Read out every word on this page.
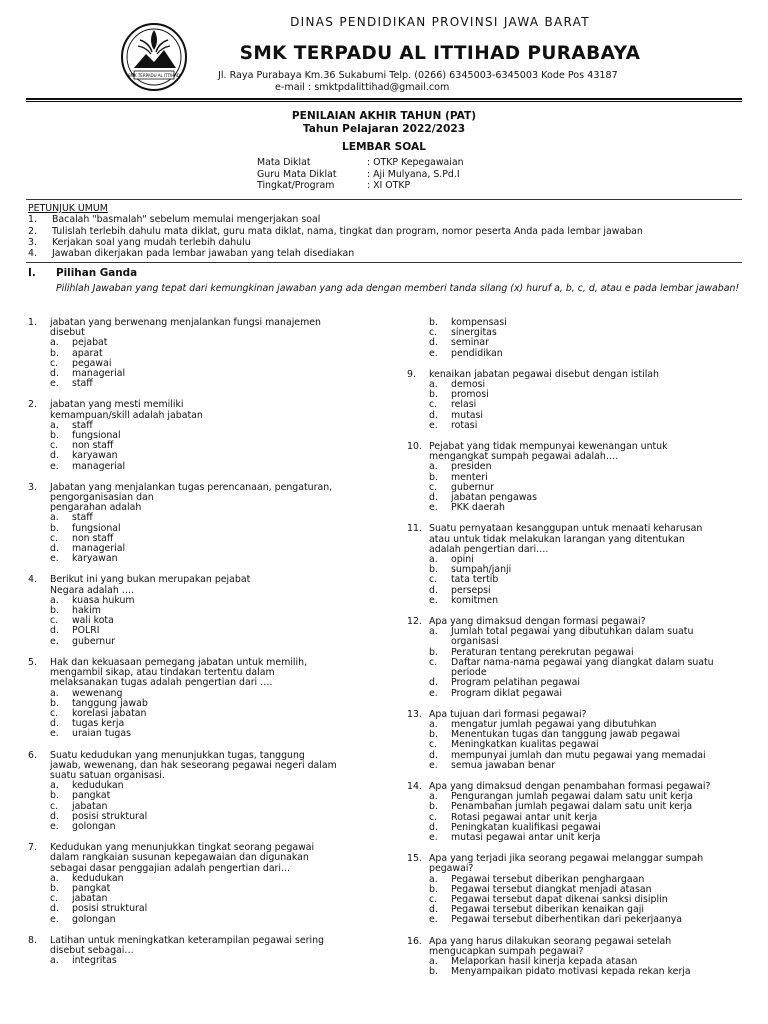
SMK TERPADU AL ITTIHAD
DINAS PENDIDIKAN PROVINSI JAWA BARAT
SMK TERPADU AL ITTIHAD PURABAYA
Jl. Raya Purabaya Km.36 Sukabumi Telp. (0266) 6345003-6345003 Kode Pos 43187
e-mail : smktpdalittihad@gmail.com
PENILAIAN AKHIR TAHUN (PAT)
Tahun Pelajaran 2022/2023
LEMBAR SOAL
Mata Diklat	: OTKP Kepegawaian
Guru Mata Diklat	: Aji Mulyana, S.Pd.I
Tingkat/Program	: XI OTKP
PETUNJUK UMUM
1.	Bacalah "basmalah" sebelum memulai mengerjakan soal
2.	Tulislah terlebih dahulu mata diklat, guru mata diklat, nama, tingkat dan program, nomor peserta Anda pada lembar jawaban
3.	Kerjakan soal yang mudah terlebih dahulu
4.	Jawaban dikerjakan pada lembar jawaban yang telah disediakan
I. Pilihan Ganda
Pilihlah Jawaban yang tepat dari kemungkinan jawaban yang ada dengan memberi tanda silang (x) huruf a, b, c, d, atau e pada lembar jawaban!
1.	jabatan yang berwenang menjalankan fungsi manajemen
disebut
a.	pejabat
b.	aparat
c.	pegawai
d.	managerial
e.	staff
2.	jabatan yang mesti memiliki
kemampuan/skill adalah jabatan
a.	staff
b.	fungsional
c.	non staff
d.	karyawan
e.	managerial
3.	Jabatan yang menjalankan tugas perencanaan, pengaturan,
pengorganisasian dan
pengarahan adalah
a.	staff
b.	fungsional
c.	non staff
d.	managerial
e.	karyawan
4.	Berikut ini yang bukan merupakan pejabat
Negara adalah ….
a.	kuasa hukum
b.	hakim
c.	wali kota
d.	POLRI
e.	gubernur
5.	Hak dan kekuasaan pemegang jabatan untuk memilih,
mengambil sikap, atau tindakan tertentu dalam
melaksanakan tugas adalah pengertian dari ….
a.	wewenang
b.	tanggung jawab
c.	korelasi jabatan
d.	tugas kerja
e.	uraian tugas
6.	Suatu kedudukan yang menunjukkan tugas, tanggung
jawab, wewenang, dan hak seseorang pegawai negeri dalam
suatu satuan organisasi.
a.	kedudukan
b.	pangkat
c.	jabatan
d.	posisi struktural
e.	golongan
7.	Kedudukan yang menunjukkan tingkat seorang pegawai
dalam rangkaian susunan kepegawaian dan digunakan
sebagai dasar penggajian adalah pengertian dari...
a.	kedudukan
b.	pangkat
c.	jabatan
d.	posisi struktural
e.	golongan
8.	Latihan untuk meningkatkan keterampilan pegawai sering
disebut sebagai…
a.	integritas
b.	kompensasi
c.	sinergitas
d.	seminar
e.	pendidikan
9.	kenaikan jabatan pegawai disebut dengan istilah
a.	demosi
b.	promosi
c.	relasi
d.	mutasi
e.	rotasi
10. Pejabat yang tidak mempunyai kewenangan untuk
mengangkat sumpah pegawai adalah….
a.	presiden
b.	menteri
c.	gubernur
d.	jabatan pengawas
e.	PKK daerah
11. Suatu pernyataan kesanggupan untuk menaati keharusan
atau untuk tidak melakukan larangan yang ditentukan
adalah pengertian dari….
a.	opini
b.	sumpah/janji
c.	tata tertib
d.	persepsi
e.	komitmen
12. Apa yang dimaksud dengan formasi pegawai?
a.	Jumlah total pegawai yang dibutuhkan dalam suatu organisasi
b.	Peraturan tentang perekrutan pegawai
c.	Daftar nama-nama pegawai yang diangkat dalam suatu periode
d.	Program pelatihan pegawai
e.	Program diklat pegawai
13. Apa tujuan dari formasi pegawai?
a.	mengatur jumlah pegawai yang dibutuhkan
b.	Menentukan tugas dan tanggung jawab pegawai
c.	Meningkatkan kualitas pegawai
d.	mempunyai jumlah dan mutu pegawai yang memadai
e.	semua jawaban benar
14. Apa yang dimaksud dengan penambahan formasi pegawai?
a.	Pengurangan jumlah pegawai dalam satu unit kerja
b.	Penambahan jumlah pegawai dalam satu unit kerja
c.	Rotasi pegawai antar unit kerja
d.	Peningkatan kualifikasi pegawai
e.	mutasi pegawai antar unit kerja
15. Apa yang terjadi jika seorang pegawai melanggar sumpah
pegawai?
a.	Pegawai tersebut diberikan penghargaan
b.	Pegawai tersebut diangkat menjadi atasan
c.	Pegawai tersebut dapat dikenai sanksi disiplin
d.	Pegawai tersebut diberikan kenaikan gaji
e.	Pegawai tersebut diberhentikan dari pekerjaanya
16. Apa yang harus dilakukan seorang pegawai setelah
mengucapkan sumpah pegawai?
a.	Melaporkan hasil kinerja kepada atasan
b.	Menyampaikan pidato motivasi kepada rekan kerja
